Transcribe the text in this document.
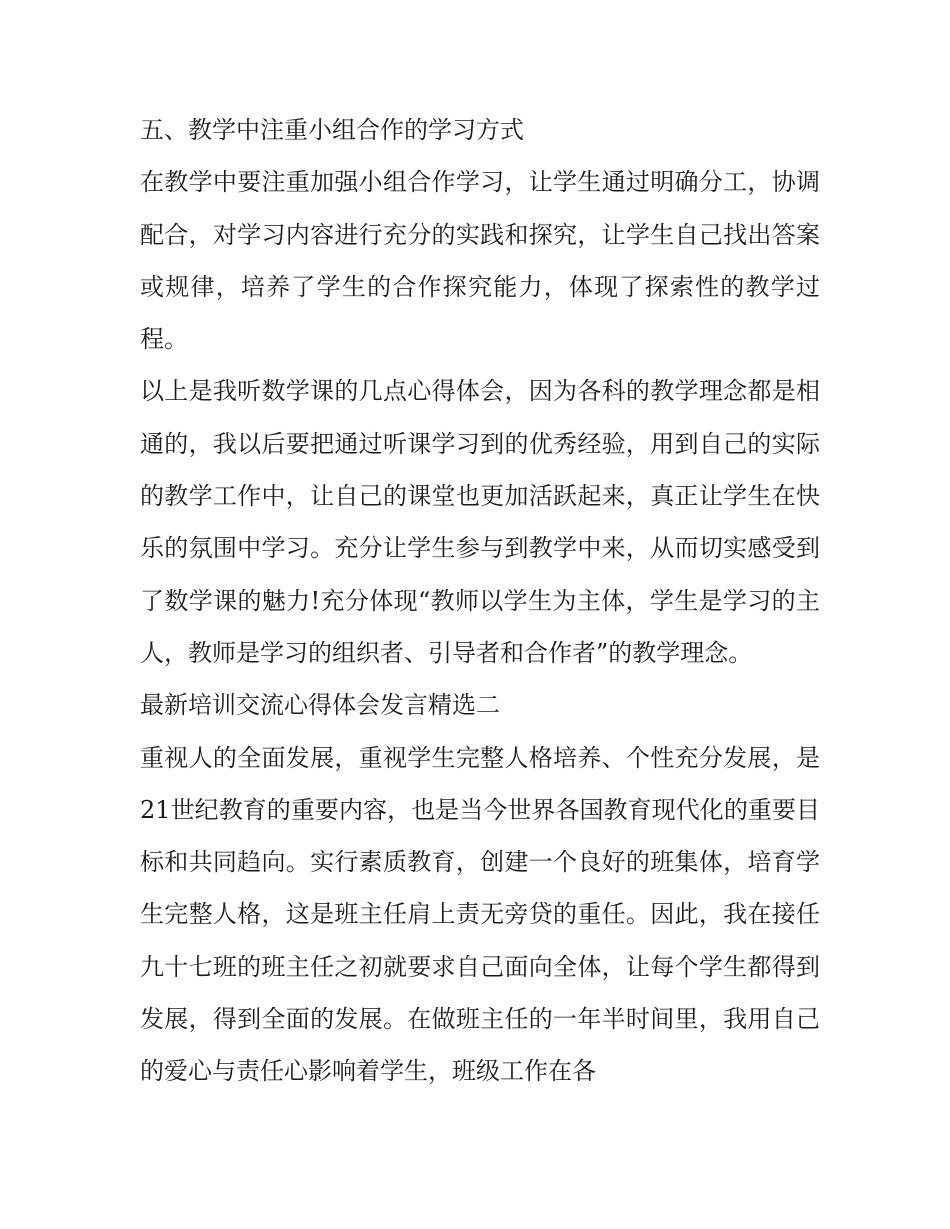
五、教学中注重小组合作的学习方式

在教学中要注重加强小组合作学习，让学生通过明确分工，协调配合，对学习内容进行充分的实践和探究，让学生自己找出答案或规律，培养了学生的合作探究能力，体现了探索性的教学过程。

以上是我听数学课的几点心得体会，因为各科的教学理念都是相通的，我以后要把通过听课学习到的优秀经验，用到自己的实际的教学工作中，让自己的课堂也更加活跃起来，真正让学生在快乐的氛围中学习。充分让学生参与到教学中来，从而切实感受到了数学课的魅力!充分体现“教师以学生为主体，学生是学习的主人，教师是学习的组织者、引导者和合作者”的教学理念。

最新培训交流心得体会发言精选二

重视人的全面发展，重视学生完整人格培养、个性充分发展，是21世纪教育的重要内容，也是当今世界各国教育现代化的重要目标和共同趋向。实行素质教育，创建一个良好的班集体，培育学生完整人格，这是班主任肩上责无旁贷的重任。因此，我在接任九十七班的班主任之初就要求自己面向全体，让每个学生都得到发展，得到全面的发展。在做班主任的一年半时间里，我用自己的爱心与责任心影响着学生，班级工作在各
